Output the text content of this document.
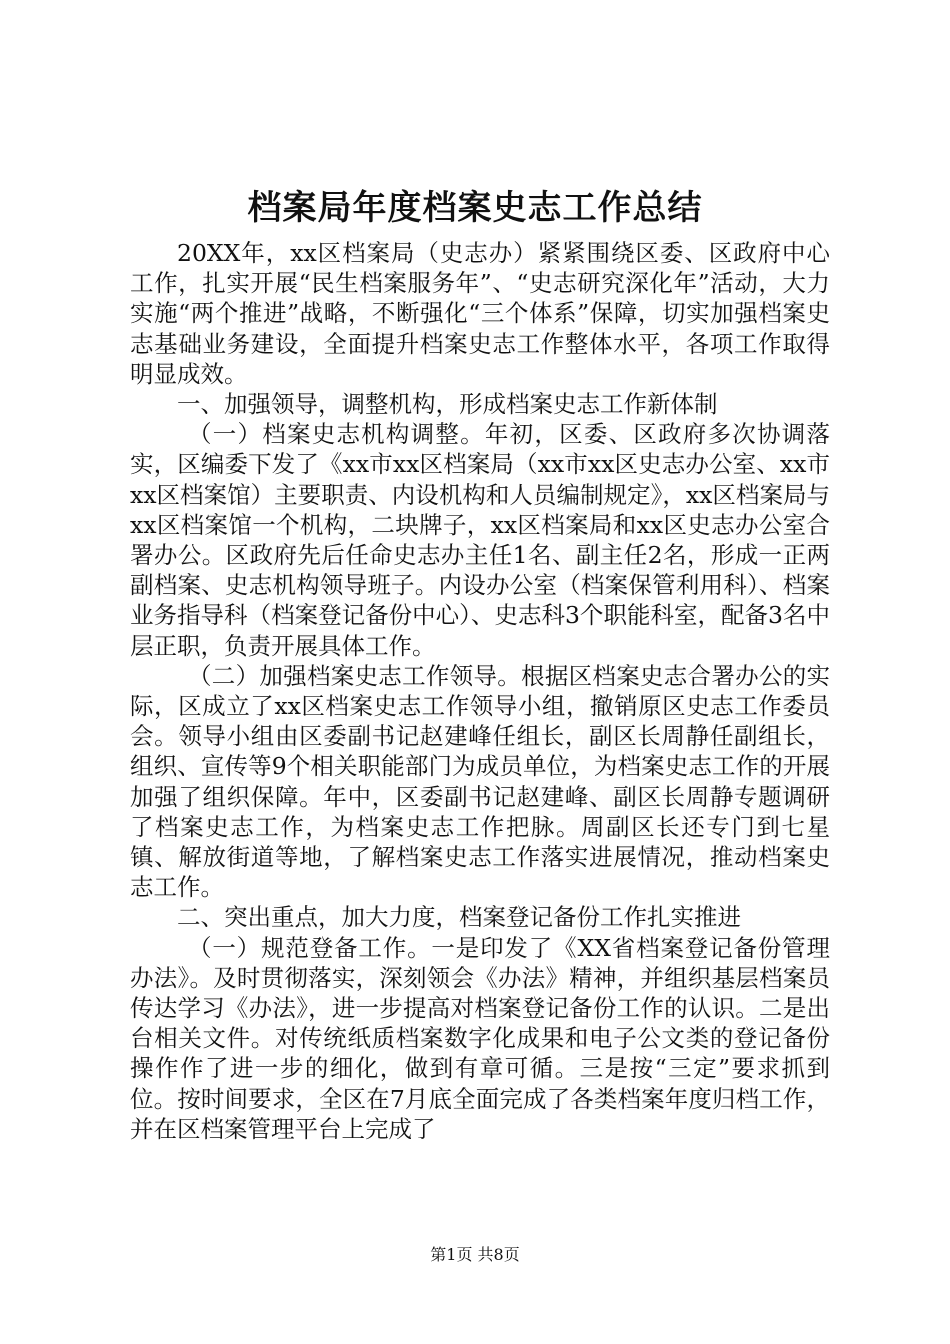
档案局年度档案史志工作总结

20XX年，xx区档案局（史志办）紧紧围绕区委、区政府中心工作，扎实开展“民生档案服务年”、“史志研究深化年”活动，大力实施“两个推进”战略，不断强化“三个体系”保障，切实加强档案史志基础业务建设，全面提升档案史志工作整体水平，各项工作取得明显成效。

一、加强领导，调整机构，形成档案史志工作新体制

（一）档案史志机构调整。年初，区委、区政府多次协调落实，区编委下发了《xx市xx区档案局（xx市xx区史志办公室、xx市xx区档案馆）主要职责、内设机构和人员编制规定》，xx区档案局与xx区档案馆一个机构，二块牌子，xx区档案局和xx区史志办公室合署办公。区政府先后任命史志办主任1名、副主任2名，形成一正两副档案、史志机构领导班子。内设办公室（档案保管利用科）、档案业务指导科（档案登记备份中心）、史志科3个职能科室，配备3名中层正职，负责开展具体工作。

（二）加强档案史志工作领导。根据区档案史志合署办公的实际，区成立了xx区档案史志工作领导小组，撤销原区史志工作委员会。领导小组由区委副书记赵建峰任组长，副区长周静任副组长，组织、宣传等9个相关职能部门为成员单位，为档案史志工作的开展加强了组织保障。年中，区委副书记赵建峰、副区长周静专题调研了档案史志工作，为档案史志工作把脉。周副区长还专门到七星镇、解放街道等地，了解档案史志工作落实进展情况，推动档案史志工作。

二、突出重点，加大力度，档案登记备份工作扎实推进

（一）规范登备工作。一是印发了《XX省档案登记备份管理办法》。及时贯彻落实，深刻领会《办法》精神，并组织基层档案员传达学习《办法》，进一步提高对档案登记备份工作的认识。二是出台相关文件。对传统纸质档案数字化成果和电子公文类的登记备份操作作了进一步的细化，做到有章可循。三是按“三定”要求抓到位。按时间要求，全区在7月底全面完成了各类档案年度归档工作，并在区档案管理平台上完成了

第1页 共8页
